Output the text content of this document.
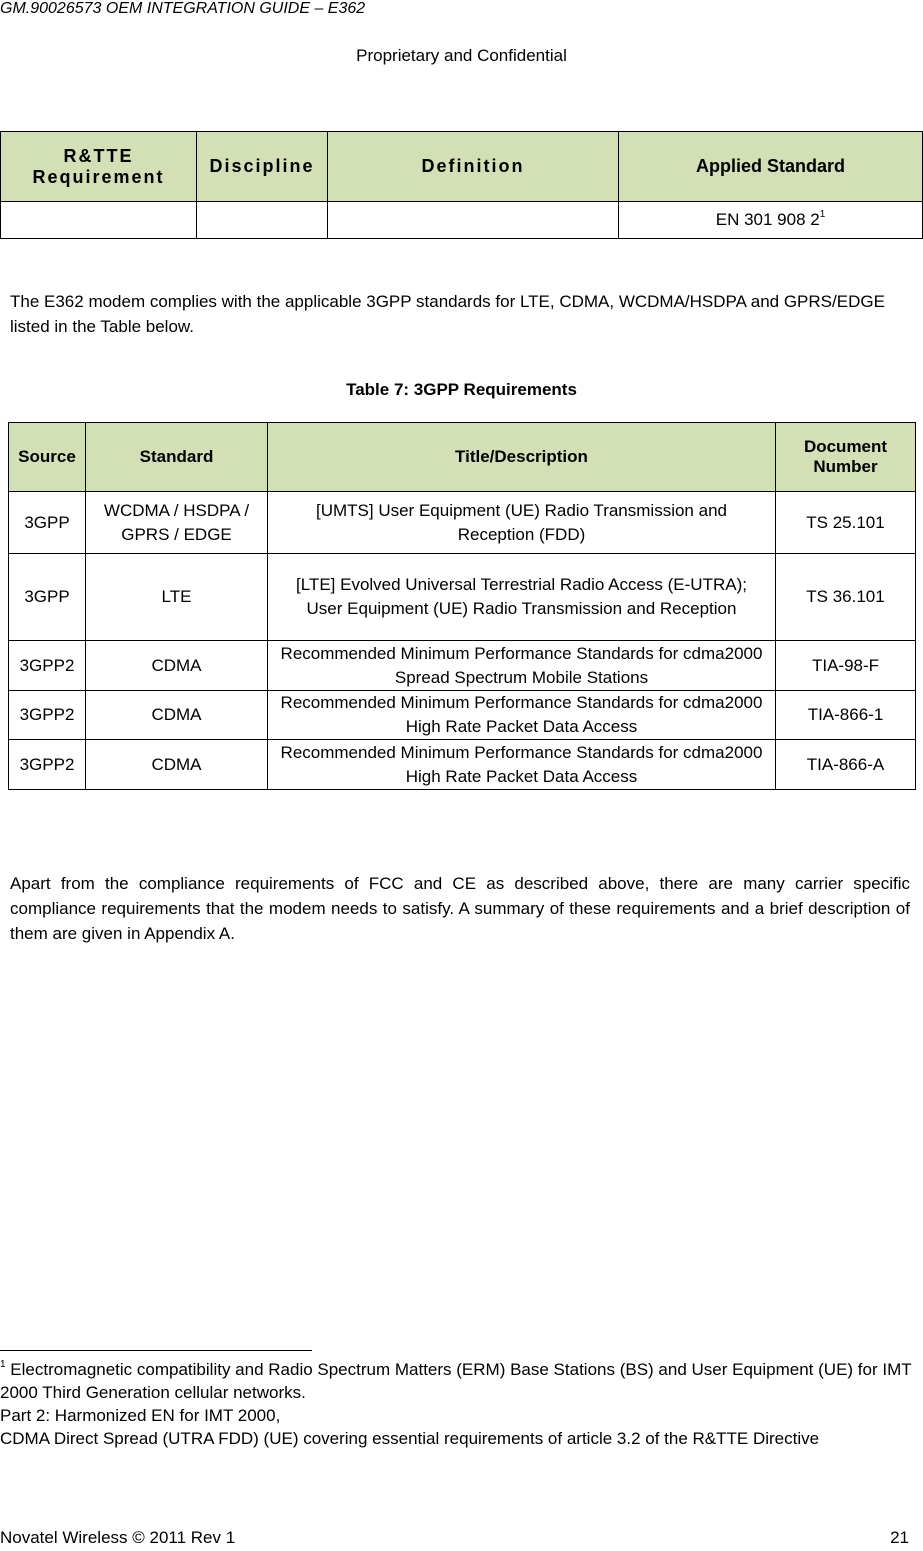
GM.90026573 OEM INTEGRATION GUIDE – E362
Proprietary and Confidential
R&TTE Requirement	Discipline	Definition	Applied Standard
			EN 301 908 $2^1$
The E362 modem complies with the applicable 3GPP standards for LTE, CDMA, WCDMA/HSDPA and GPRS/EDGE listed in the Table below.
Table 7: 3GPP Requirements
Source	Standard	Title/Description	Document Number
3GPP	WCDMA / HSDPA / GPRS / EDGE	[UMTS] User Equipment (UE) Radio Transmission and Reception (FDD)	TS 25.101
3GPP	LTE	[LTE] Evolved Universal Terrestrial Radio Access (E-UTRA); User Equipment (UE) Radio Transmission and Reception	TS 36.101
3GPP2	CDMA	Recommended Minimum Performance Standards for cdma2000 Spread Spectrum Mobile Stations	TIA-98-F
3GPP2	CDMA	Recommended Minimum Performance Standards for cdma2000 High Rate Packet Data Access	TIA-866-1
3GPP2	CDMA	Recommended Minimum Performance Standards for cdma2000 High Rate Packet Data Access	TIA-866-A
Apart from the compliance requirements of FCC and CE as described above, there are many carrier specific compliance requirements that the modem needs to satisfy. A summary of these requirements and a brief description of them are given in Appendix A.
$^1$ Electromagnetic compatibility and Radio Spectrum Matters (ERM) Base Stations (BS) and User Equipment (UE) for IMT 2000 Third Generation cellular networks.
Part 2: Harmonized EN for IMT 2000,
CDMA Direct Spread (UTRA FDD) (UE) covering essential requirements of article 3.2 of the R&TTE Directive
Novatel Wireless © 2011 Rev 1	21
